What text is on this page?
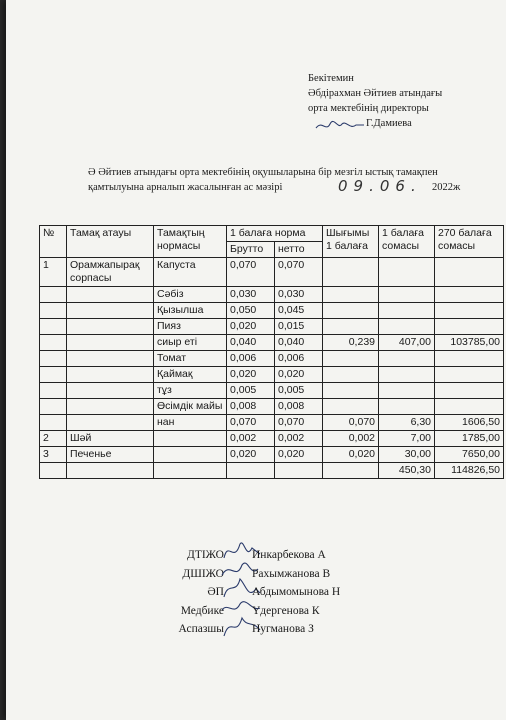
Бекітемин
Әбдірахман Әйтиев атындағы
орта мектебінің директоры
Г.Дамиева
Ә Әйтиев атындағы орта мектебінің оқушыларына бір мезгіл ыстық тамақпен қамтылуына арналып жасалынған ас мәзірі	09.06. 2022ж
№	Тамақ атауы	Тамақтың нормасы	1 балаға норма		Шығымы 1 балаға	1 балаға сомасы	270 балаға сомасы
			Брутто	нетто			
1	Орамжапырақ сорпасы	Капуста	0,070	0,070			
		Сәбіз	0,030	0,030			
		Қызылша	0,050	0,045			
		Пияз	0,020	0,015			
		сиыр еті	0,040	0,040	0,239	407,00	103785,00
		Томат	0,006	0,006			
		Қаймақ	0,020	0,020			
		тұз	0,005	0,005			
		Өсімдік майы	0,008	0,008			
		нан	0,070	0,070	0,070	6,30	1606,50
2	Шәй		0,002	0,002	0,002	7,00	1785,00
3	Печенье		0,020	0,020	0,020	30,00	7650,00
						450,30	114826,50
ДТІЖО Инкарбекова А
ДШІЖО Рахымжанова В
ӘП Абдымомынова Н
Медбике Үдергенова К
Аспазшы Нугманова З
